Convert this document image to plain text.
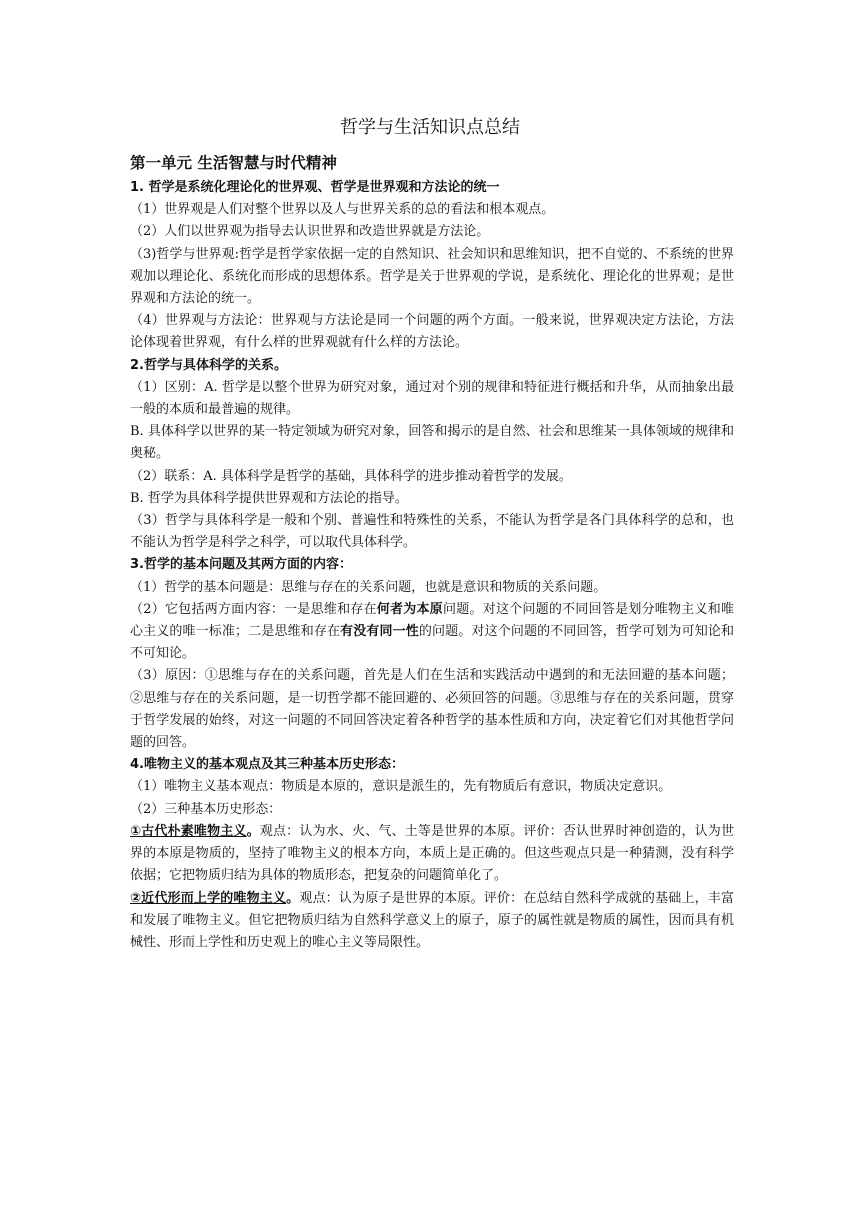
哲学与生活知识点总结

第一单元 生活智慧与时代精神

1. 哲学是系统化理论化的世界观、哲学是世界观和方法论的统一

（1）世界观是人们对整个世界以及人与世界关系的总的看法和根本观点。

（2）人们以世界观为指导去认识世界和改造世界就是方法论。

（3)哲学与世界观:哲学是哲学家依据一定的自然知识、社会知识和思维知识，把不自觉的、不系统的世界观加以理论化、系统化而形成的思想体系。哲学是关于世界观的学说，是系统化、理论化的世界观；是世界观和方法论的统一。

（4）世界观与方法论：世界观与方法论是同一个问题的两个方面。一般来说，世界观决定方法论，方法论体现着世界观，有什么样的世界观就有什么样的方法论。

2.哲学与具体科学的关系。

（1）区别：A. 哲学是以整个世界为研究对象，通过对个别的规律和特征进行概括和升华，从而抽象出最一般的本质和最普遍的规律。

B. 具体科学以世界的某一特定领域为研究对象，回答和揭示的是自然、社会和思维某一具体领域的规律和奥秘。

（2）联系：A. 具体科学是哲学的基础，具体科学的进步推动着哲学的发展。

B. 哲学为具体科学提供世界观和方法论的指导。

（3）哲学与具体科学是一般和个别、普遍性和特殊性的关系，不能认为哲学是各门具体科学的总和，也不能认为哲学是科学之科学，可以取代具体科学。

3.哲学的基本问题及其两方面的内容：

（1）哲学的基本问题是：思维与存在的关系问题，也就是意识和物质的关系问题。

（2）它包括两方面内容：一是思维和存在何者为本原问题。对这个问题的不同回答是划分唯物主义和唯心主义的唯一标准；二是思维和存在有没有同一性的问题。对这个问题的不同回答，哲学可划为可知论和不可知论。

（3）原因：①思维与存在的关系问题，首先是人们在生活和实践活动中遇到的和无法回避的基本问题；②思维与存在的关系问题，是一切哲学都不能回避的、必须回答的问题。③思维与存在的关系问题，贯穿于哲学发展的始终，对这一问题的不同回答决定着各种哲学的基本性质和方向，决定着它们对其他哲学问题的回答。

4.唯物主义的基本观点及其三种基本历史形态：

（1）唯物主义基本观点：物质是本原的，意识是派生的，先有物质后有意识，物质决定意识。

（2）三种基本历史形态：

①古代朴素唯物主义。观点：认为水、火、气、土等是世界的本原。评价：否认世界时神创造的，认为世界的本原是物质的，坚持了唯物主义的根本方向，本质上是正确的。但这些观点只是一种猜测，没有科学依据；它把物质归结为具体的物质形态，把复杂的问题简单化了。

②近代形而上学的唯物主义。观点：认为原子是世界的本原。评价：在总结自然科学成就的基础上，丰富和发展了唯物主义。但它把物质归结为自然科学意义上的原子，原子的属性就是物质的属性，因而具有机械性、形而上学性和历史观上的唯心主义等局限性。
